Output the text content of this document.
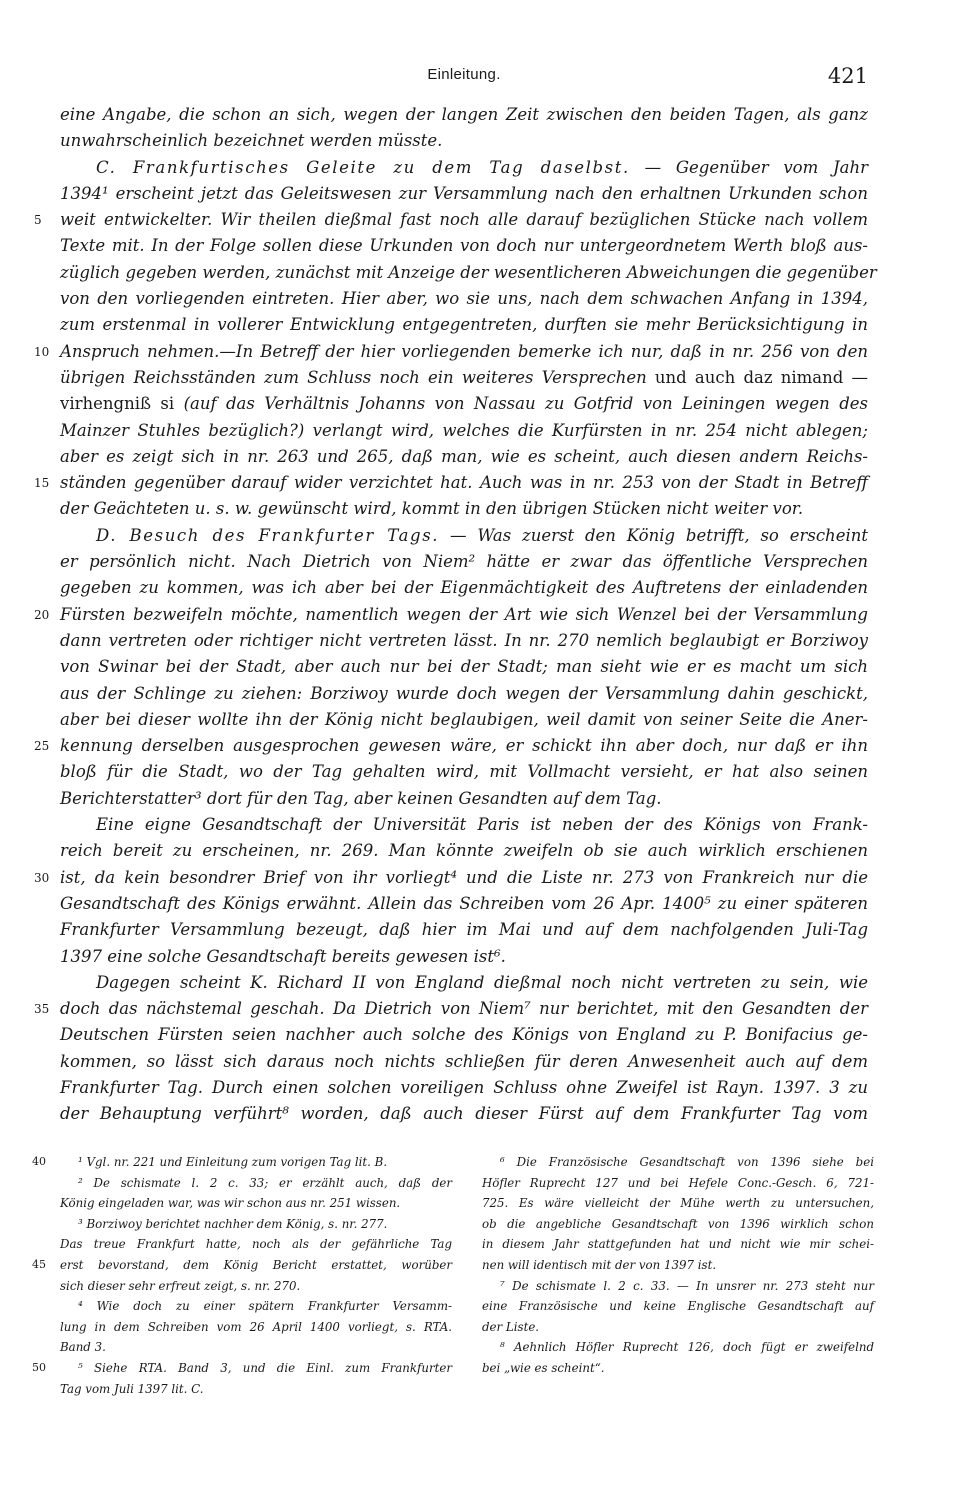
Einleitung.	421
eine Angabe, die schon an sich, wegen der langen Zeit zwischen den beiden Tagen, als ganz
unwahrscheinlich bezeichnet werden müsste.
C. Frankfurtisches Geleite zu dem Tag daselbst. — Gegenüber vom Jahr
1394¹ erscheint jetzt das Geleitswesen zur Versammlung nach den erhaltnen Urkunden schon
5	weit entwickelter. Wir theilen dießmal fast noch alle darauf bezüglichen Stücke nach vollem
Texte mit. In der Folge sollen diese Urkunden von doch nur untergeordnetem Werth bloß aus-
züglich gegeben werden, zunächst mit Anzeige der wesentlicheren Abweichungen die gegenüber
von den vorliegenden eintreten. Hier aber, wo sie uns, nach dem schwachen Anfang in 1394,
zum erstenmal in vollerer Entwicklung entgegentreten, durften sie mehr Berücksichtigung in
10 Anspruch nehmen.—In Betreff der hier vorliegenden bemerke ich nur, daß in nr. 256 von den
übrigen Reichsständen zum Schluss noch ein weiteres Versprechen und auch daz nimand —
virhengniß si (auf das Verhältnis Johanns von Nassau zu Gotfrid von Leiningen wegen des
Mainzer Stuhles bezüglich?) verlangt wird, welches die Kurfürsten in nr. 254 nicht ablegen;
aber es zeigt sich in nr. 263 und 265, daß man, wie es scheint, auch diesen andern Reichs-
15 ständen gegenüber darauf wider verzichtet hat. Auch was in nr. 253 von der Stadt in Betreff
der Geächteten u. s. w. gewünscht wird, kommt in den übrigen Stücken nicht weiter vor.
D. Besuch des Frankfurter Tags. — Was zuerst den König betrifft, so erscheint
er persönlich nicht. Nach Dietrich von Niem² hätte er zwar das öffentliche Versprechen
gegeben zu kommen, was ich aber bei der Eigenmächtigkeit des Auftretens der einladenden
20 Fürsten bezweifeln möchte, namentlich wegen der Art wie sich Wenzel bei der Versammlung
dann vertreten oder richtiger nicht vertreten lässt. In nr. 270 nemlich beglaubigt er Borziwoy
von Swinar bei der Stadt, aber auch nur bei der Stadt; man sieht wie er es macht um sich
aus der Schlinge zu ziehen: Borziwoy wurde doch wegen der Versammlung dahin geschickt,
aber bei dieser wollte ihn der König nicht beglaubigen, weil damit von seiner Seite die Aner-
25 kennung derselben ausgesprochen gewesen wäre, er schickt ihn aber doch, nur daß er ihn
bloß für die Stadt, wo der Tag gehalten wird, mit Vollmacht versieht, er hat also seinen
Berichterstatter³ dort für den Tag, aber keinen Gesandten auf dem Tag.
Eine eigne Gesandtschaft der Universität Paris ist neben der des Königs von Frank-
reich bereit zu erscheinen, nr. 269. Man könnte zweifeln ob sie auch wirklich erschienen
30 ist, da kein besondrer Brief von ihr vorliegt⁴ und die Liste nr. 273 von Frankreich nur die
Gesandtschaft des Königs erwähnt. Allein das Schreiben vom 26 Apr. 1400⁵ zu einer späteren
Frankfurter Versammlung bezeugt, daß hier im Mai und auf dem nachfolgenden Juli-Tag
1397 eine solche Gesandtschaft bereits gewesen ist⁶.
Dagegen scheint K. Richard II von England dießmal noch nicht vertreten zu sein, wie
35 doch das nächstemal geschah. Da Dietrich von Niem⁷ nur berichtet, mit den Gesandten der
Deutschen Fürsten seien nachher auch solche des Königs von England zu P. Bonifacius ge-
kommen, so lässt sich daraus noch nichts schließen für deren Anwesenheit auch auf dem
Frankfurter Tag. Durch einen solchen voreiligen Schluss ohne Zweifel ist Rayn. 1397. 3 zu
der Behauptung verführt⁸ worden, daß auch dieser Fürst auf dem Frankfurter Tag vom
40	¹ Vgl. nr. 221 und Einleitung zum vorigen Tag lit. B.
² De schismate l. 2 c. 33; er erzählt auch, daß der
König eingeladen war, was wir schon aus nr. 251 wissen.
³ Borziwoy berichtet nachher dem König, s. nr. 277.
Das treue Frankfurt hatte, noch als der gefährliche Tag
45	erst bevorstand, dem König Bericht erstattet, worüber
sich dieser sehr erfreut zeigt, s. nr. 270.
⁴ Wie doch zu einer spätern Frankfurter Versamm-
lung in dem Schreiben vom 26 April 1400 vorliegt, s. RTA.
Band 3.
50	⁵ Siehe RTA. Band 3, und die Einl. zum Frankfurter
Tag vom Juli 1397 lit. C.
⁶ Die Französische Gesandtschaft von 1396 siehe bei
Höfler Ruprecht 127 und bei Hefele Conc.-Gesch. 6, 721-
725. Es wäre vielleicht der Mühe werth zu untersuchen,
ob die angebliche Gesandtschaft von 1396 wirklich schon
in diesem Jahr stattgefunden hat und nicht wie mir schei-
nen will identisch mit der von 1397 ist.
⁷ De schismate l. 2 c. 33. — In unsrer nr. 273 steht nur
eine Französische und keine Englische Gesandtschaft auf
der Liste.
⁸ Aehnlich Höfler Ruprecht 126, doch fügt er zweifelnd
bei „wie es scheint“.
